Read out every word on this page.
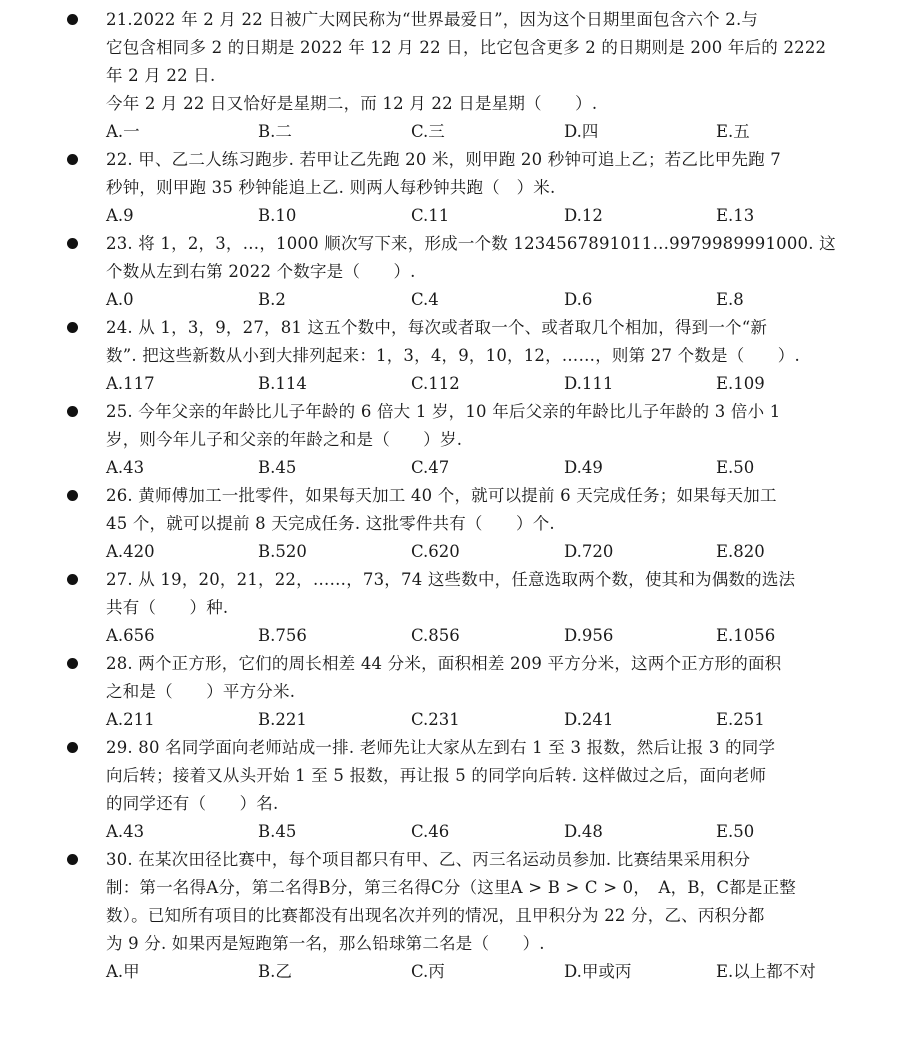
21.2022 年 2 月 22 日被广大网民称为“世界最爱日”，因为这个日期里面包含六个 2.与
它包含相同多 2 的日期是 2022 年 12 月 22 日，比它包含更多 2 的日期则是 200 年后的 2222
年 2 月 22 日.
今年 2 月 22 日又恰好是星期二，而 12 月 22 日是星期（　　）.
A.一	B.二	C.三	D.四	E.五
22. 甲、乙二人练习跑步. 若甲让乙先跑 20 米，则甲跑 20 秒钟可追上乙；若乙比甲先跑 7
秒钟，则甲跑 35 秒钟能追上乙. 则两人每秒钟共跑（　）米.
A.9	B.10	C.11	D.12	E.13
23. 将 1，2，3，…，1000 顺次写下来，形成一个数 1234567891011…9979989991000. 这
个数从左到右第 2022 个数字是（　　）.
A.0	B.2	C.4	D.6	E.8
24. 从 1，3，9，27，81 这五个数中，每次或者取一个、或者取几个相加，得到一个“新
数”. 把这些新数从小到大排列起来：1，3，4，9，10，12，……，则第 27 个数是（　　）.
A.117	B.114	C.112	D.111	E.109
25. 今年父亲的年龄比儿子年龄的 6 倍大 1 岁，10 年后父亲的年龄比儿子年龄的 3 倍小 1
岁，则今年儿子和父亲的年龄之和是（　　）岁.
A.43	B.45	C.47	D.49	E.50
26. 黄师傅加工一批零件，如果每天加工 40 个，就可以提前 6 天完成任务；如果每天加工
45 个，就可以提前 8 天完成任务. 这批零件共有（　　）个.
A.420	B.520	C.620	D.720	E.820
27. 从 19，20，21，22，……，73，74 这些数中，任意选取两个数，使其和为偶数的选法
共有（　　）种.
A.656	B.756	C.856	D.956	E.1056
28. 两个正方形，它们的周长相差 44 分米，面积相差 209 平方分米，这两个正方形的面积
之和是（　　）平方分米.
A.211	B.221	C.231	D.241	E.251
29. 80 名同学面向老师站成一排. 老师先让大家从左到右 1 至 3 报数，然后让报 3 的同学
向后转；接着又从头开始 1 至 5 报数，再让报 5 的同学向后转. 这样做过之后，面向老师
的同学还有（　　）名.
A.43	B.45	C.46	D.48	E.50
30. 在某次田径比赛中，每个项目都只有甲、乙、丙三名运动员参加. 比赛结果采用积分
制：第一名得A分，第二名得B分，第三名得C分（这里A > B > C > 0，　A，B，C都是正整
数）。已知所有项目的比赛都没有出现名次并列的情况，且甲积分为 22 分，乙、丙积分都
为 9 分. 如果丙是短跑第一名，那么铅球第二名是（　　）.
A.甲	B.乙	C.丙	D.甲或丙	E.以上都不对
